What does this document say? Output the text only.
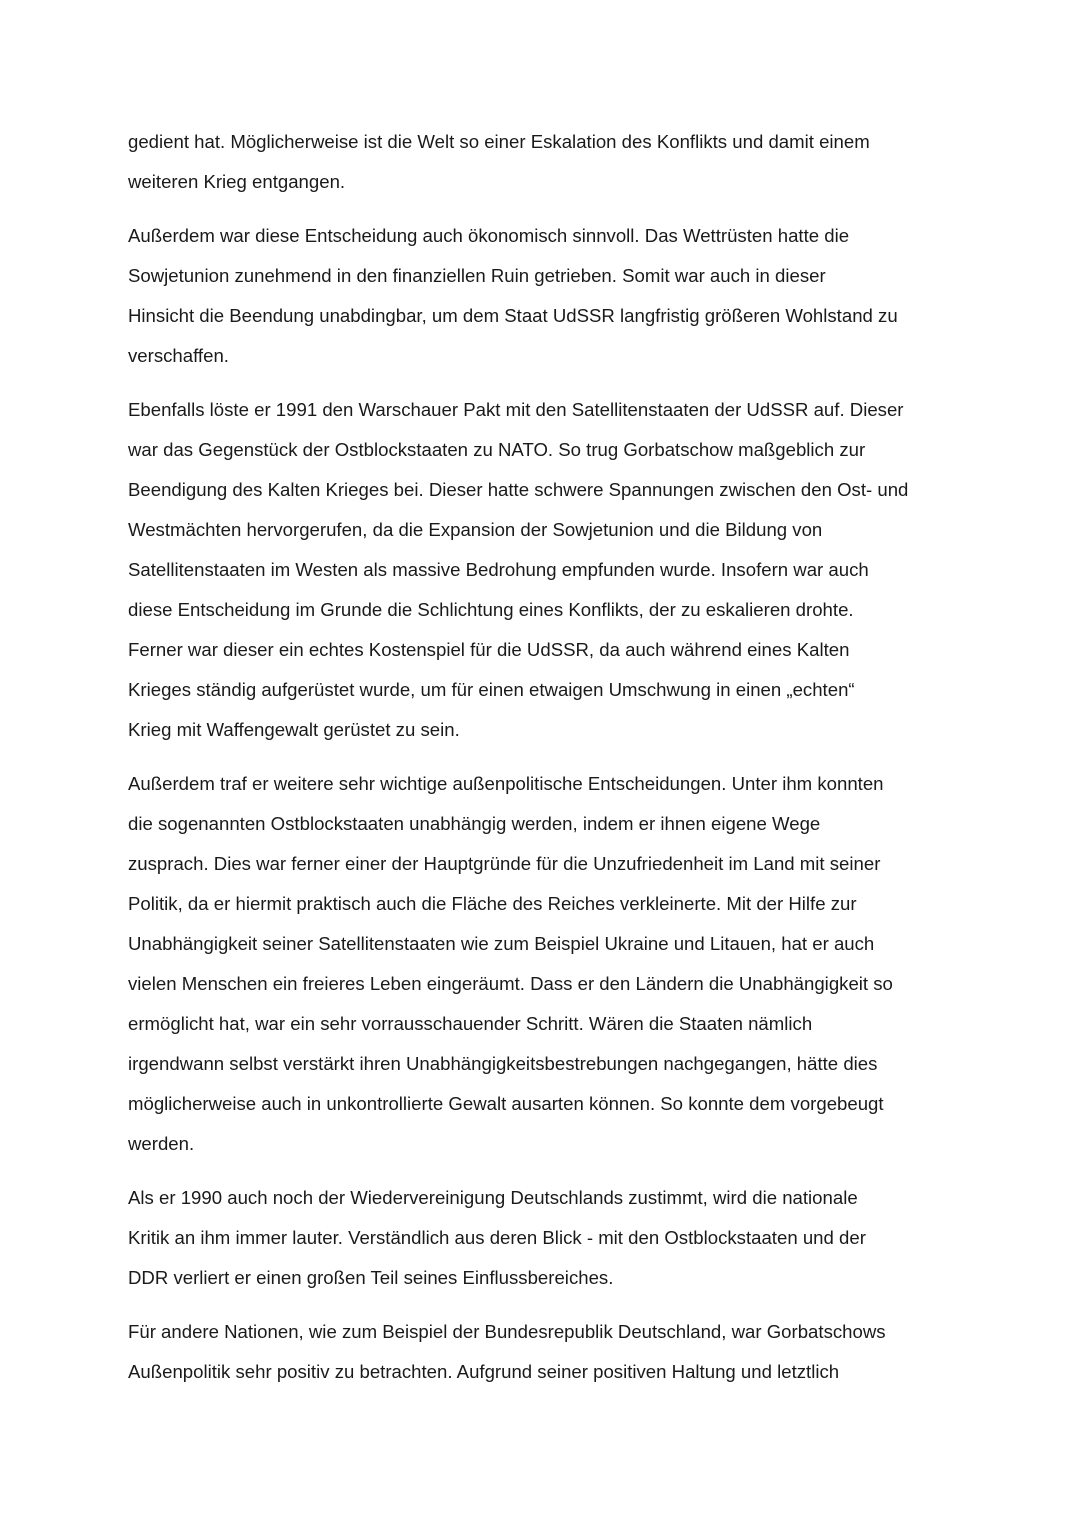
gedient hat. Möglicherweise ist die Welt so einer Eskalation des Konflikts und damit einem
weiteren Krieg entgangen.

Außerdem war diese Entscheidung auch ökonomisch sinnvoll. Das Wettrüsten hatte die
Sowjetunion zunehmend in den finanziellen Ruin getrieben. Somit war auch in dieser
Hinsicht die Beendung unabdingbar, um dem Staat UdSSR langfristig größeren Wohlstand zu
verschaffen.

Ebenfalls löste er 1991 den Warschauer Pakt mit den Satellitenstaaten der UdSSR auf. Dieser
war das Gegenstück der Ostblockstaaten zu NATO. So trug Gorbatschow maßgeblich zur
Beendigung des Kalten Krieges bei. Dieser hatte schwere Spannungen zwischen den Ost- und
Westmächten hervorgerufen, da die Expansion der Sowjetunion und die Bildung von
Satellitenstaaten im Westen als massive Bedrohung empfunden wurde. Insofern war auch
diese Entscheidung im Grunde die Schlichtung eines Konflikts, der zu eskalieren drohte.
Ferner war dieser ein echtes Kostenspiel für die UdSSR, da auch während eines Kalten
Krieges ständig aufgerüstet wurde, um für einen etwaigen Umschwung in einen „echten“
Krieg mit Waffengewalt gerüstet zu sein.

Außerdem traf er weitere sehr wichtige außenpolitische Entscheidungen. Unter ihm konnten
die sogenannten Ostblockstaaten unabhängig werden, indem er ihnen eigene Wege
zusprach. Dies war ferner einer der Hauptgründe für die Unzufriedenheit im Land mit seiner
Politik, da er hiermit praktisch auch die Fläche des Reiches verkleinerte. Mit der Hilfe zur
Unabhängigkeit seiner Satellitenstaaten wie zum Beispiel Ukraine und Litauen, hat er auch
vielen Menschen ein freieres Leben eingeräumt. Dass er den Ländern die Unabhängigkeit so
ermöglicht hat, war ein sehr vorrausschauender Schritt. Wären die Staaten nämlich
irgendwann selbst verstärkt ihren Unabhängigkeitsbestrebungen nachgegangen, hätte dies
möglicherweise auch in unkontrollierte Gewalt ausarten können. So konnte dem vorgebeugt
werden.

Als er 1990 auch noch der Wiedervereinigung Deutschlands zustimmt, wird die nationale
Kritik an ihm immer lauter. Verständlich aus deren Blick - mit den Ostblockstaaten und der
DDR verliert er einen großen Teil seines Einflussbereiches.

Für andere Nationen, wie zum Beispiel der Bundesrepublik Deutschland, war Gorbatschows
Außenpolitik sehr positiv zu betrachten. Aufgrund seiner positiven Haltung und letztlich
